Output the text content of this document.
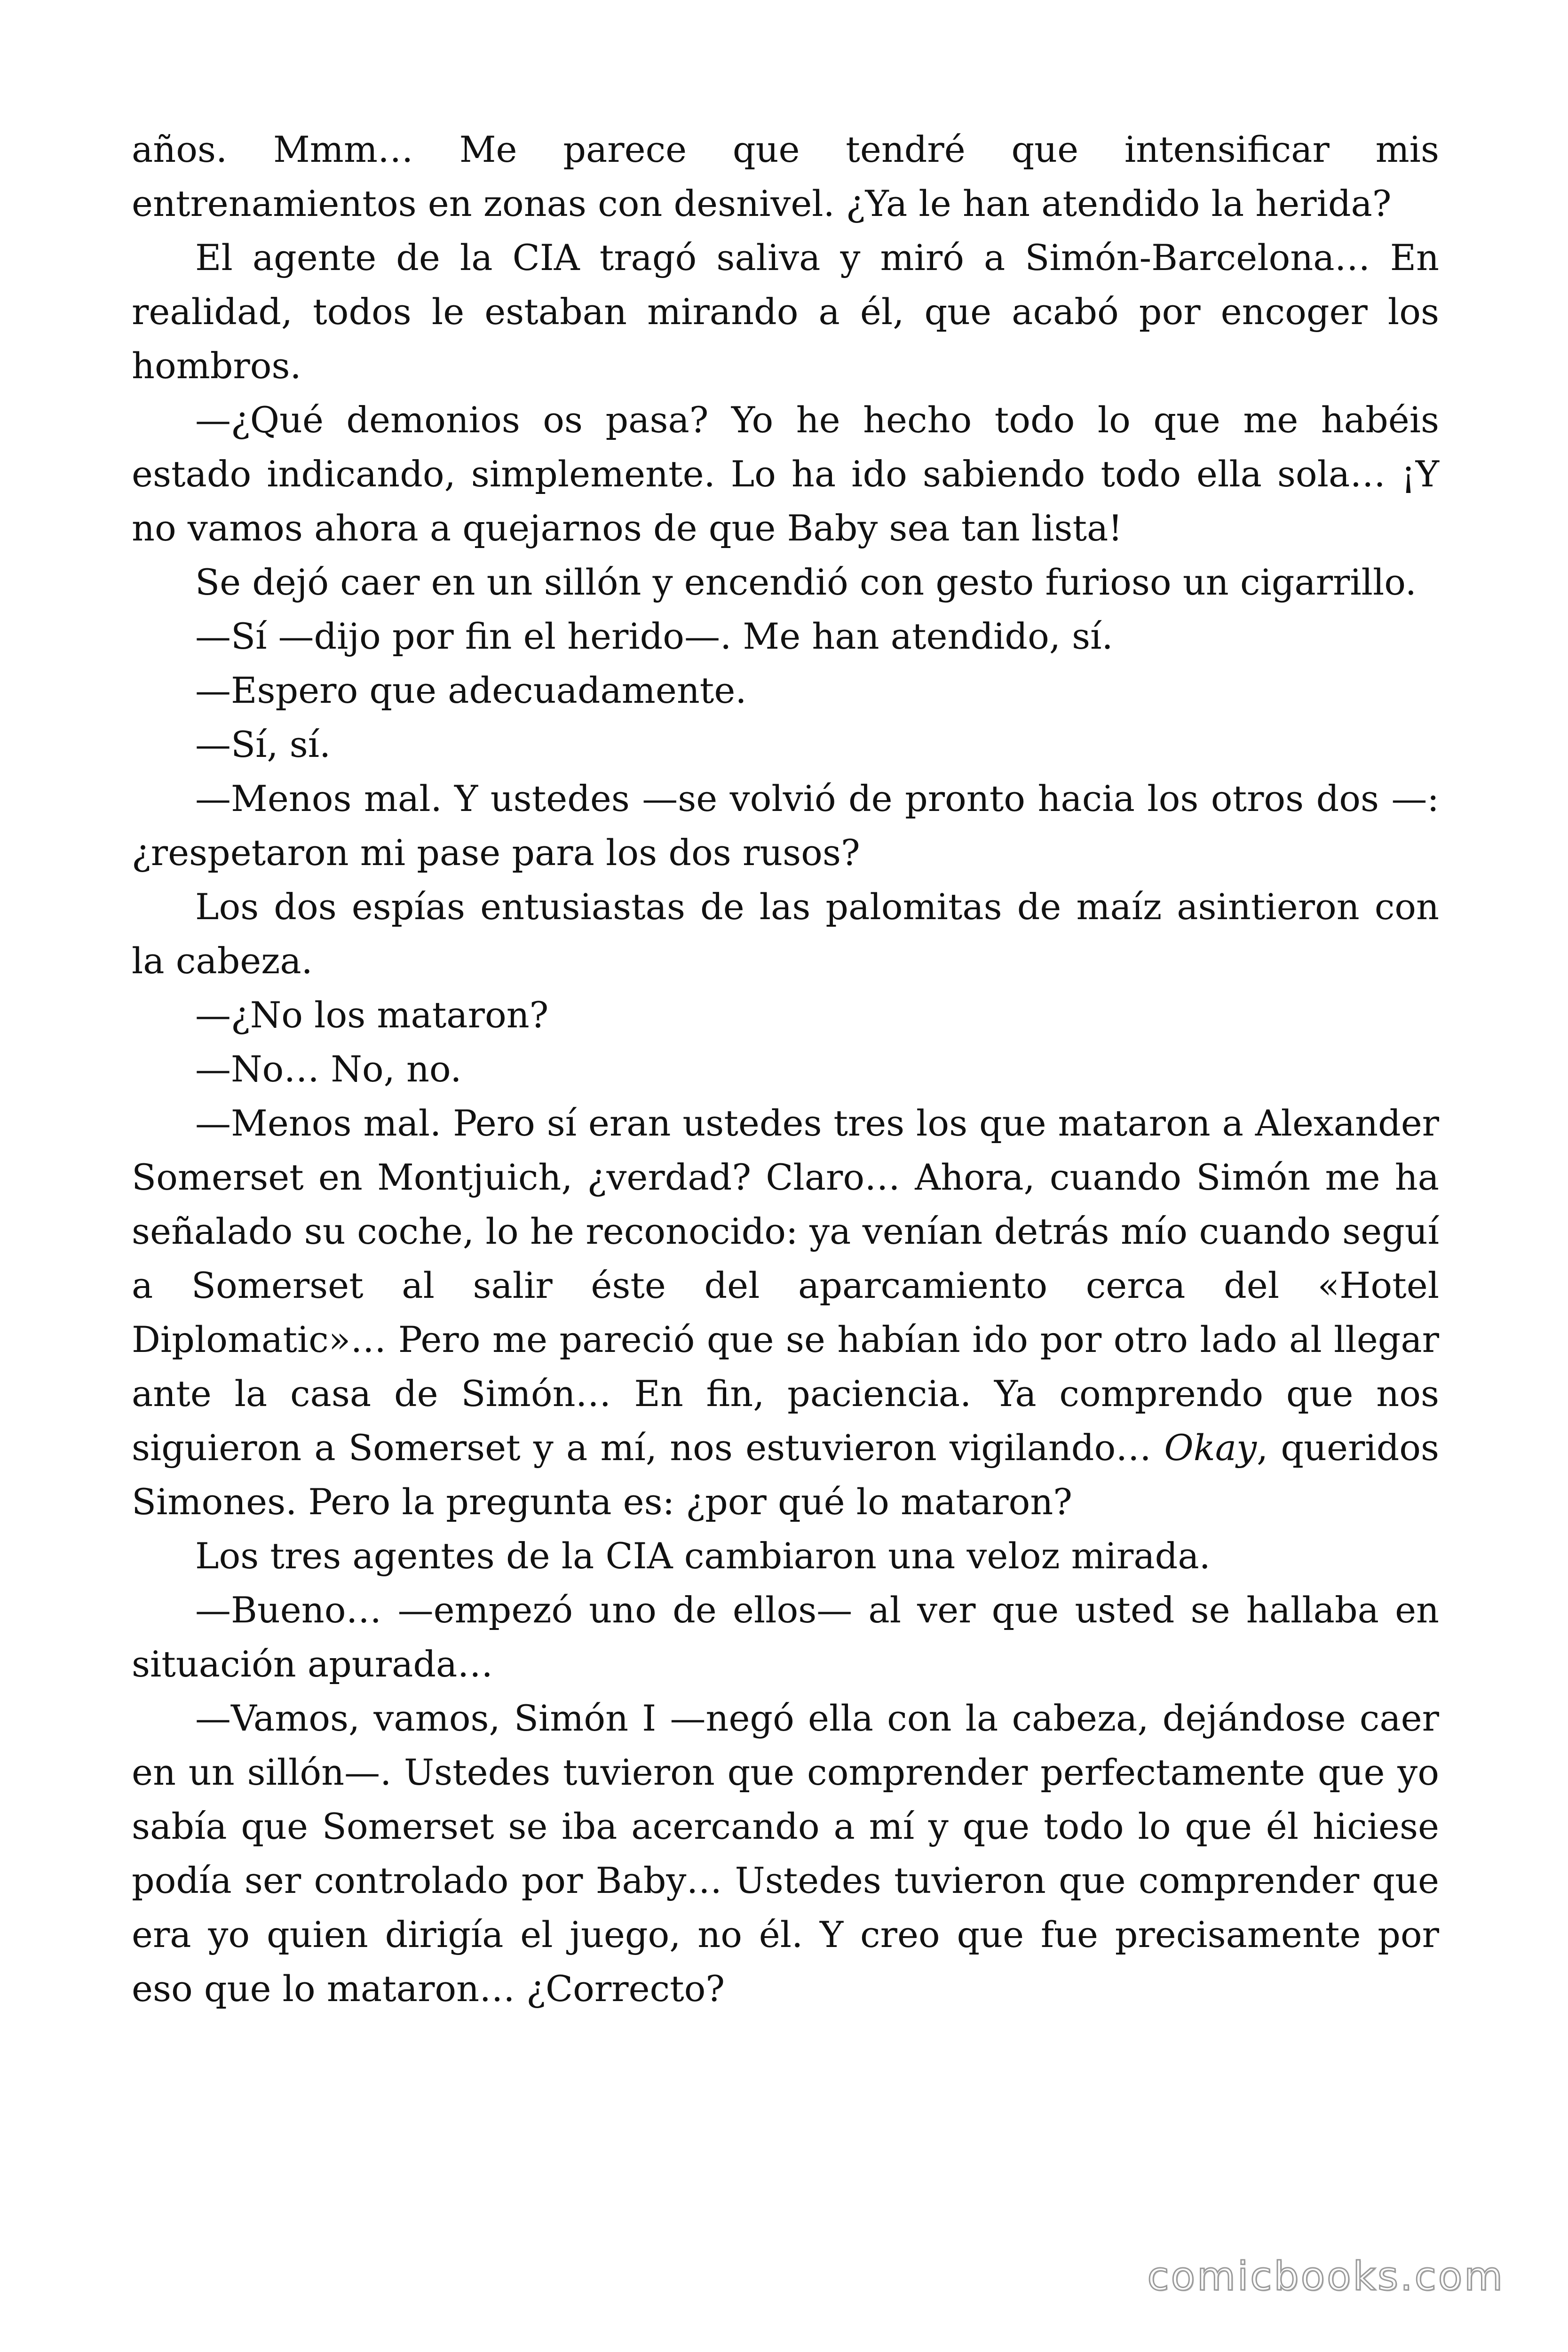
años. Mmm… Me parece que tendré que intensificar mis entrenamientos en zonas con desnivel. ¿Ya le han atendido la herida?

El agente de la CIA tragó saliva y miró a Simón-Barcelona… En realidad, todos le estaban mirando a él, que acabó por encoger los hombros.

—¿Qué demonios os pasa? Yo he hecho todo lo que me habéis estado indicando, simplemente. Lo ha ido sabiendo todo ella sola… ¡Y no vamos ahora a quejarnos de que Baby sea tan lista!

Se dejó caer en un sillón y encendió con gesto furioso un cigarrillo.

—Sí —dijo por fin el herido—. Me han atendido, sí.

—Espero que adecuadamente.

—Sí, sí.

—Menos mal. Y ustedes —se volvió de pronto hacia los otros dos —: ¿respetaron mi pase para los dos rusos?

Los dos espías entusiastas de las palomitas de maíz asintieron con la cabeza.

—¿No los mataron?

—No… No, no.

—Menos mal. Pero sí eran ustedes tres los que mataron a Alexander Somerset en Montjuich, ¿verdad? Claro… Ahora, cuando Simón me ha señalado su coche, lo he reconocido: ya venían detrás mío cuando seguí a Somerset al salir éste del aparcamiento cerca del «Hotel Diplomatic»… Pero me pareció que se habían ido por otro lado al llegar ante la casa de Simón… En fin, paciencia. Ya comprendo que nos siguieron a Somerset y a mí, nos estuvieron vigilando… Okay, queridos Simones. Pero la pregunta es: ¿por qué lo mataron?

Los tres agentes de la CIA cambiaron una veloz mirada.

—Bueno… —empezó uno de ellos— al ver que usted se hallaba en situación apurada…

—Vamos, vamos, Simón I —negó ella con la cabeza, dejándose caer en un sillón—. Ustedes tuvieron que comprender perfectamente que yo sabía que Somerset se iba acercando a mí y que todo lo que él hiciese podía ser controlado por Baby… Ustedes tuvieron que comprender que era yo quien dirigía el juego, no él. Y creo que fue precisamente por eso que lo mataron… ¿Correcto?

comicbooks.com
